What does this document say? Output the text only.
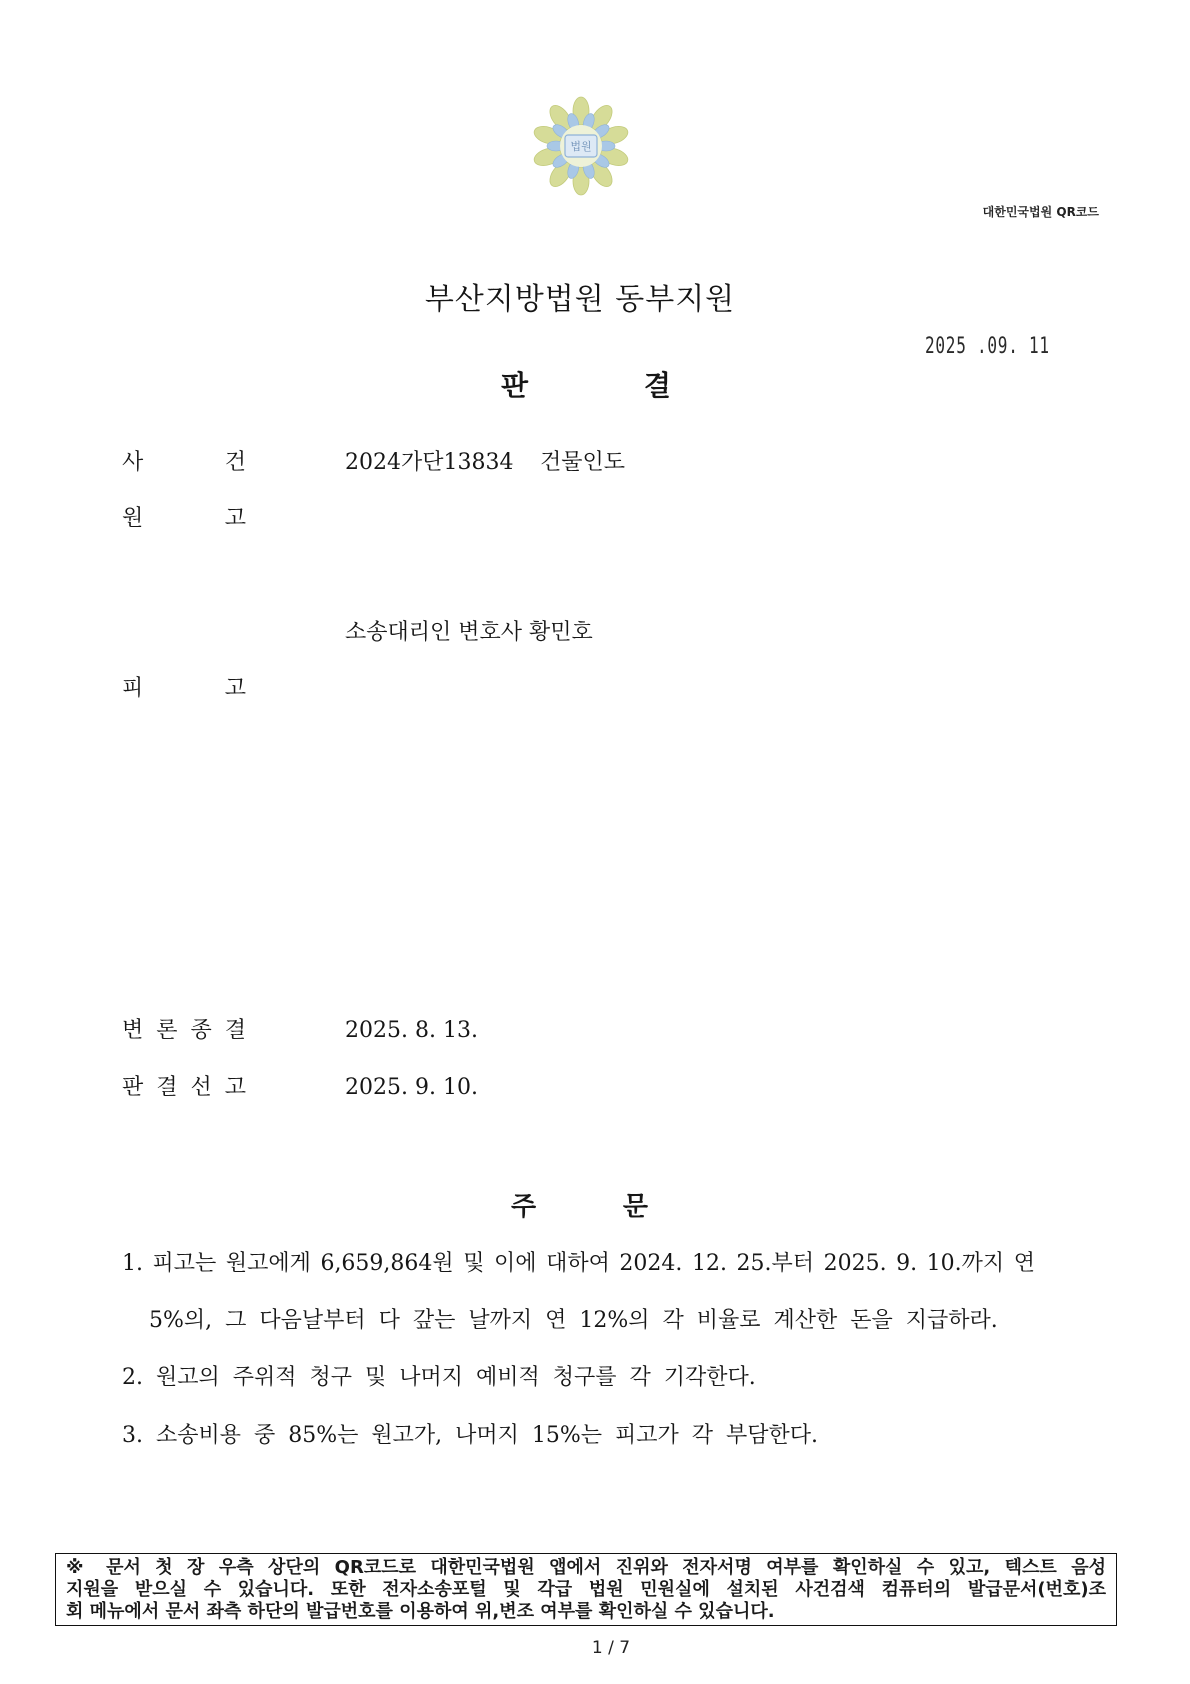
법원
대한민국법원 QR코드
부산지방법원 동부지원
2025 .09. 11
판 결
사 건	2024가단13834 건물인도
원 고
소송대리인 변호사 황민호
피 고
변 론 종 결	2025. 8. 13.
판 결 선 고	2025. 9. 10.
주 문
1. 피고는 원고에게 6,659,864원 및 이에 대하여 2024. 12. 25.부터 2025. 9. 10.까지 연
5%의, 그 다음날부터 다 갚는 날까지 연 12%의 각 비율로 계산한 돈을 지급하라.
2. 원고의 주위적 청구 및 나머지 예비적 청구를 각 기각한다.
3. 소송비용 중 85%는 원고가, 나머지 15%는 피고가 각 부담한다.
※ 문서 첫 장 우측 상단의 QR코드로 대한민국법원 앱에서 진위와 전자서명 여부를 확인하실 수 있고, 텍스트 음성
지원을 받으실 수 있습니다. 또한 전자소송포털 및 각급 법원 민원실에 설치된 사건검색 컴퓨터의 발급문서(번호)조
회 메뉴에서 문서 좌측 하단의 발급번호를 이용하여 위,변조 여부를 확인하실 수 있습니다.
1 / 7
